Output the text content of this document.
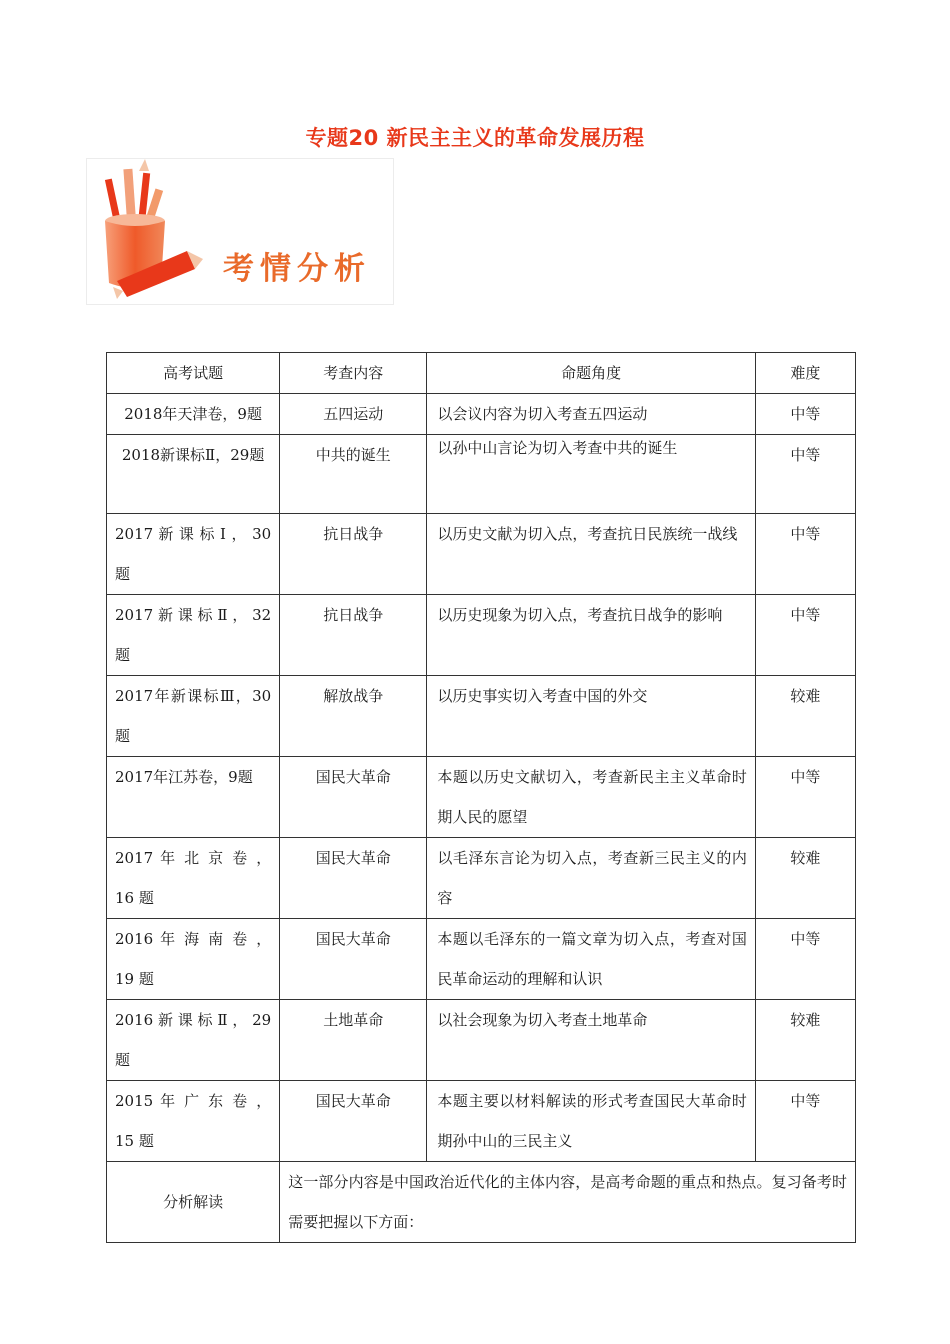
专题20 新民主主义的革命发展历程
考情分析
高考试题	考查内容	命题角度	难度
2018年天津卷，9题	五四运动	以会议内容为切入考查五四运动	中等
2018新课标Ⅱ，29题	中共的诞生	以孙中山言论为切入考查中共的诞生	中等
2017 新 课 标 Ⅰ ， 30 题	抗日战争	以历史文献为切入点，考查抗日民族统一战线	中等
2017 新 课 标 Ⅱ ， 32 题	抗日战争	以历史现象为切入点，考查抗日战争的影响	中等
2017年新课标Ⅲ，30题	解放战争	以历史事实切入考查中国的外交	较难
2017年江苏卷，9题	国民大革命	本题以历史文献切入，考查新民主主义革命时期人民的愿望	中等
2017 年 北 京 卷 ， 16 题	国民大革命	以毛泽东言论为切入点，考查新三民主义的内容	较难
2016 年 海 南 卷 ， 19 题	国民大革命	本题以毛泽东的一篇文章为切入点，考查对国民革命运动的理解和认识	中等
2016 新 课 标 Ⅱ ， 29 题	土地革命	以社会现象为切入考查土地革命	较难
2015 年 广 东 卷 ， 15 题	国民大革命	本题主要以材料解读的形式考查国民大革命时期孙中山的三民主义	中等
分析解读	这一部分内容是中国政治近代化的主体内容，是高考命题的重点和热点。复习备考时需要把握以下方面：		
